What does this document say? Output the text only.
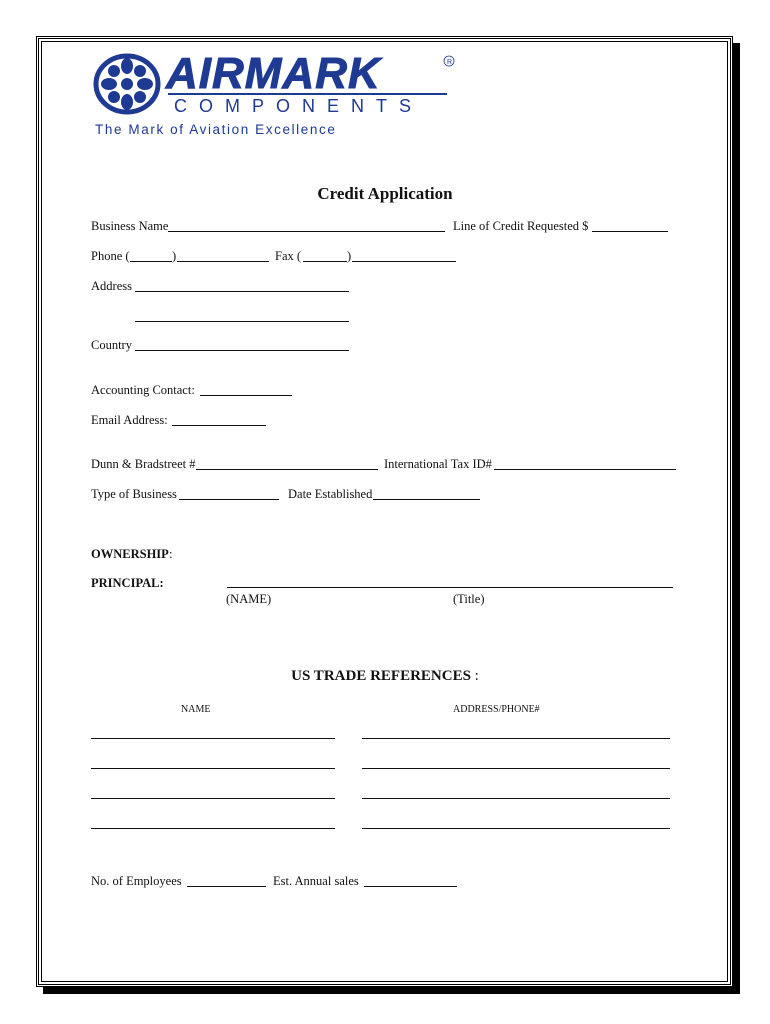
AIRMARK	R
COMPONENTS
The Mark of Aviation Excellence
Credit Application
Business Name	Line of Credit Requested $
Phone (	)	Fax (	)
Address
Country
Accounting Contact:
Email Address:
Dunn & Bradstreet #	International Tax ID#
Type of Business	Date Established
OWNERSHIP :
PRINCIPAL:
(NAME)	(Title)
US TRADE REFERENCES :
NAME	ADDRESS/PHONE#
No. of Employees	Est. Annual sales
